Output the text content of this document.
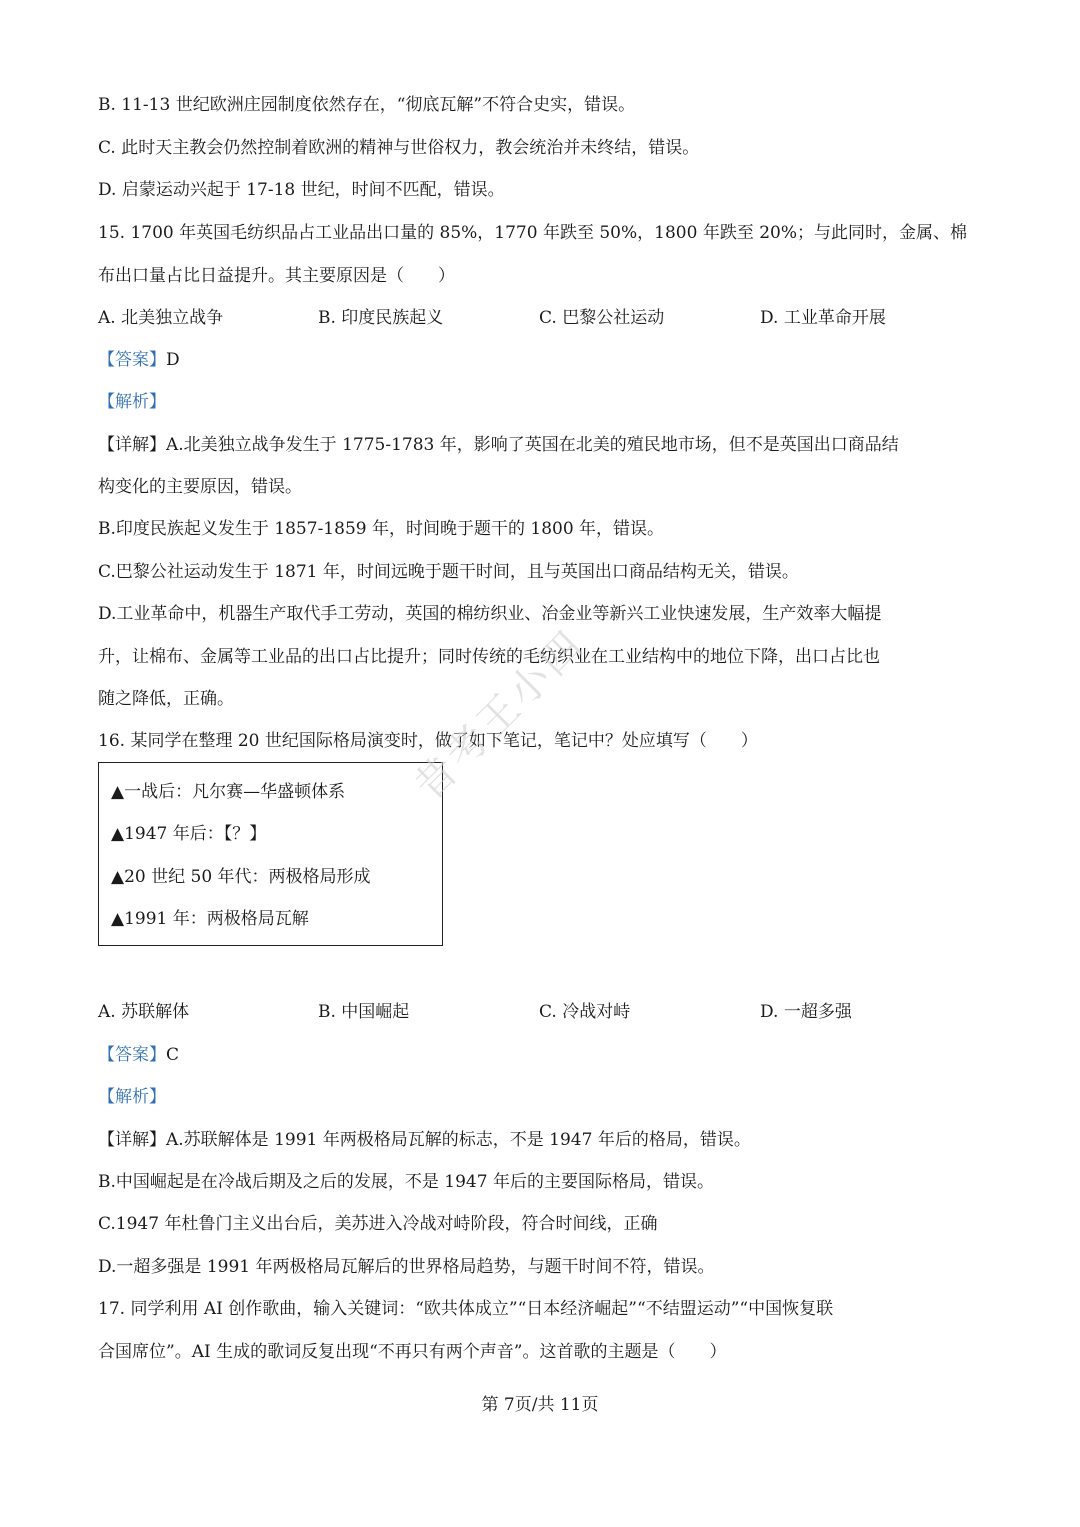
B. 11-13 世纪欧洲庄园制度依然存在，“彻底瓦解”不符合史实，错误。
C. 此时天主教会仍然控制着欧洲的精神与世俗权力，教会统治并未终结，错误。
D. 启蒙运动兴起于 17-18 世纪，时间不匹配，错误。
15. 1700 年英国毛纺织品占工业品出口量的 85%，1770 年跌至 50%，1800 年跌至 20%；与此同时，金属、棉
布出口量占比日益提升。其主要原因是（　　）
A. 北美独立战争	B. 印度民族起义	C. 巴黎公社运动	D. 工业革命开展
【答案】D
【解析】
【详解】A.北美独立战争发生于 1775-1783 年，影响了英国在北美的殖民地市场，但不是英国出口商品结
构变化的主要原因，错误。
B.印度民族起义发生于 1857-1859 年，时间晚于题干的 1800 年，错误。
C.巴黎公社运动发生于 1871 年，时间远晚于题干时间，且与英国出口商品结构无关，错误。
D.工业革命中，机器生产取代手工劳动，英国的棉纺织业、冶金业等新兴工业快速发展，生产效率大幅提
升，让棉布、金属等工业品的出口占比提升；同时传统的毛纺织业在工业结构中的地位下降，出口占比也
随之降低，正确。
16. 某同学在整理 20 世纪国际格局演变时，做了如下笔记，笔记中？处应填写（　　）
▲一战后：凡尔赛—华盛顿体系
▲1947 年后：【？】
▲20 世纪 50 年代：两极格局形成
▲1991 年：两极格局瓦解
昔考王小四
A. 苏联解体	B. 中国崛起	C. 冷战对峙	D. 一超多强
【答案】C
【解析】
【详解】A.苏联解体是 1991 年两极格局瓦解的标志，不是 1947 年后的格局，错误。
B.中国崛起是在冷战后期及之后的发展，不是 1947 年后的主要国际格局，错误。
C.1947 年杜鲁门主义出台后，美苏进入冷战对峙阶段，符合时间线，正确
D.一超多强是 1991 年两极格局瓦解后的世界格局趋势，与题干时间不符，错误。
17. 同学利用 AI 创作歌曲，输入关键词：“欧共体成立”“日本经济崛起”“不结盟运动”“中国恢复联
合国席位”。AI 生成的歌词反复出现“不再只有两个声音”。这首歌的主题是（　　）
第 7页/共 11页
